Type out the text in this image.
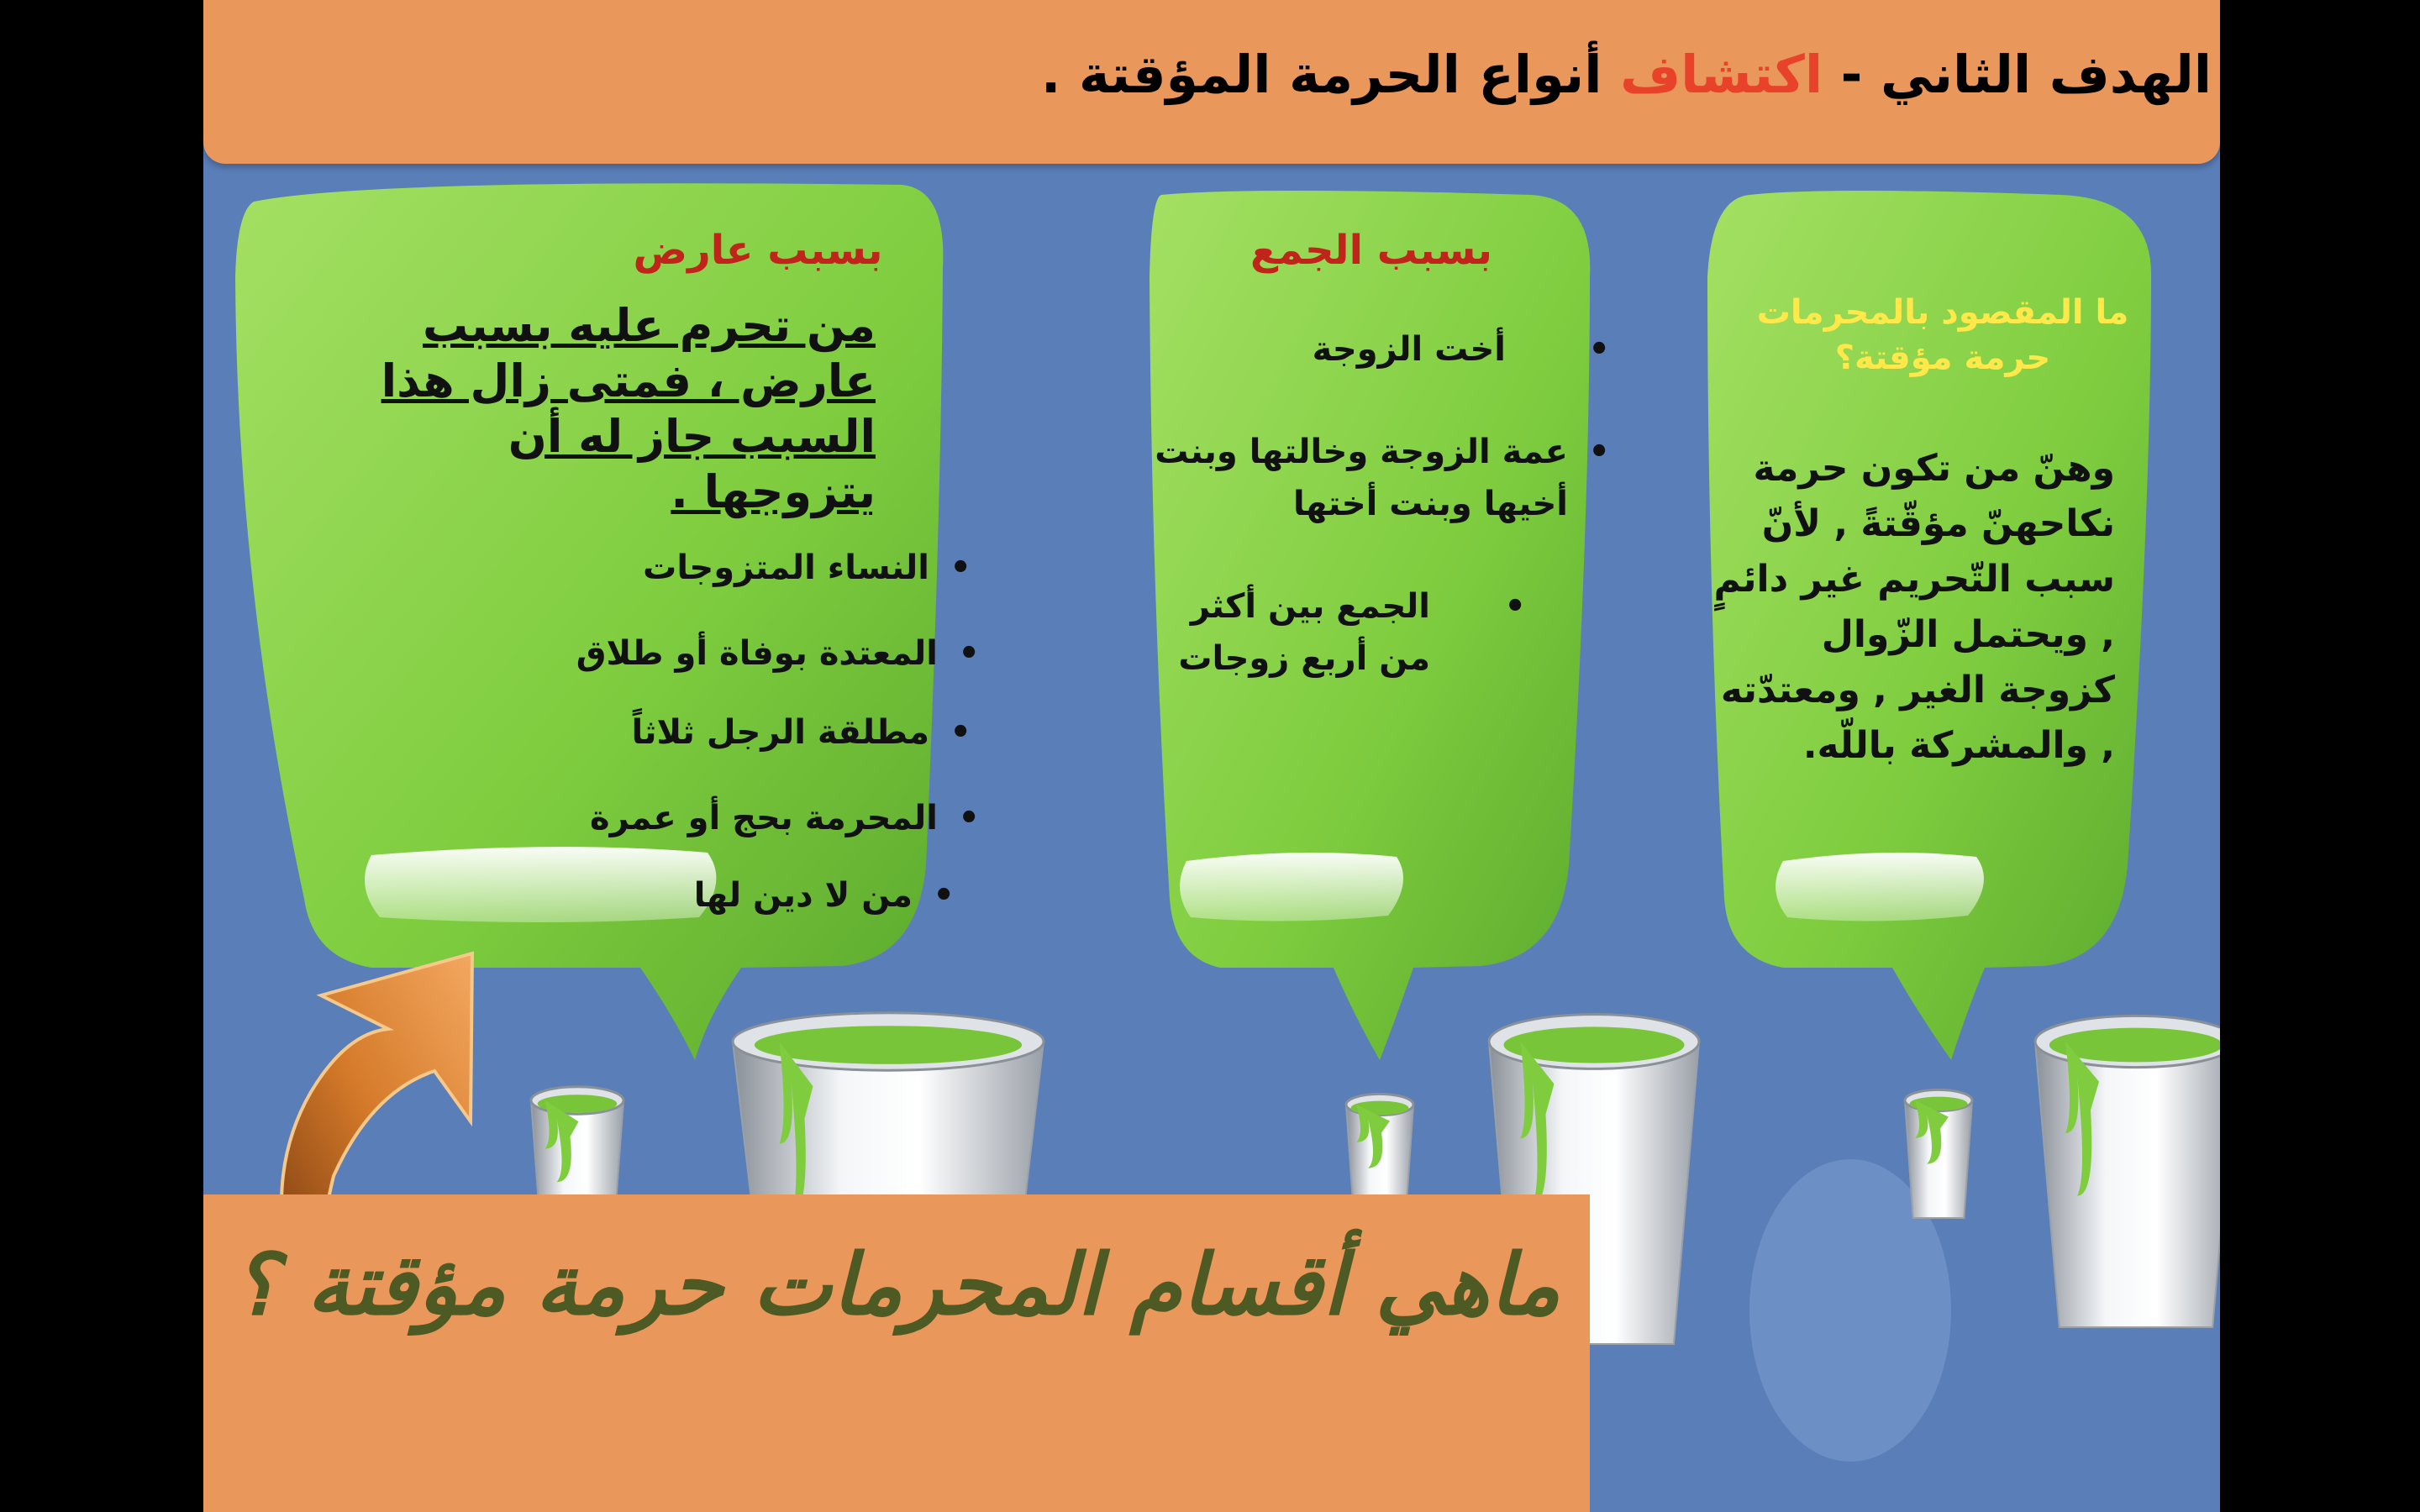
الهدف الثاني - اكتشاف أنواع الحرمة المؤقتة .
ما المقصود بالمحرمات حرمة مؤقتة؟
وهنّ من تكون حرمة نكاحهنّ مؤقّتةً , لأنّ سبب التّحريم غير دائمٍ , ويحتمل الزّوال كزوجة الغير , ومعتدّته , والمشركة باللّه.
بسبب الجمع
• أخت الزوجة
• عمة الزوجة وخالتها وبنت أخيها وبنت أختها
• الجمع بين أكثر من أربع زوجات
بسبب عارض
من تحرم عليه بسبب عارض ، فمتى زال هذا السبب جاز له أن يتزوجها .
• النساء المتزوجات
• المعتدة بوفاة أو طلاق
• مطلقة الرجل ثلاثاً
• المحرمة بحج أو عمرة
• من لا دين لها
ماهي أقسام المحرمات حرمة مؤقتة ؟
